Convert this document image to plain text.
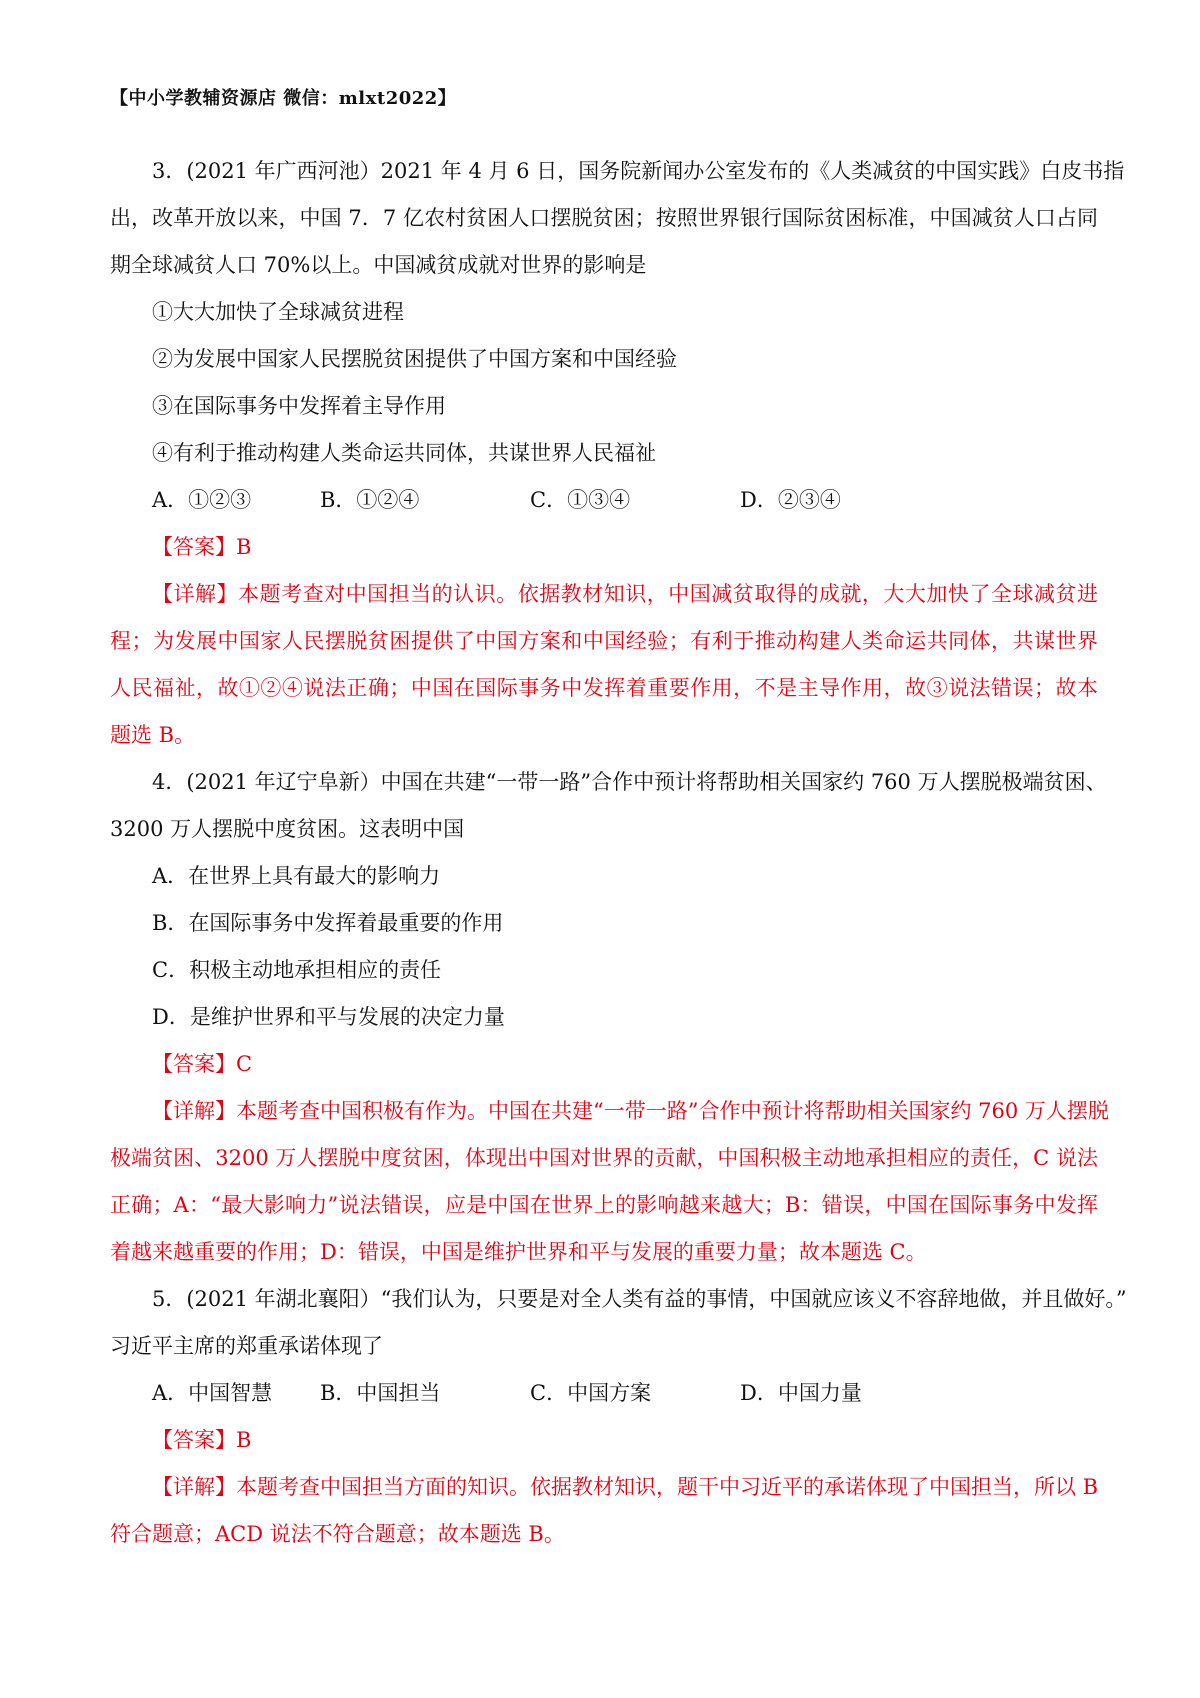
【中小学教辅资源店 微信：mlxt2022】
3．(2021 年广西河池）2021 年 4 月 6 日，国务院新闻办公室发布的《人类减贫的中国实践》白皮书指
出，改革开放以来，中国 7．7 亿农村贫困人口摆脱贫困；按照世界银行国际贫困标准，中国减贫人口占同
期全球减贫人口 70%以上。中国减贫成就对世界的影响是
①大大加快了全球减贫进程
②为发展中国家人民摆脱贫困提供了中国方案和中国经验
③在国际事务中发挥着主导作用
④有利于推动构建人类命运共同体，共谋世界人民福祉
A．①②③	B．①②④	C．①③④	D．②③④
【答案】B
【详解】本题考查对中国担当的认识。依据教材知识，中国减贫取得的成就，大大加快了全球减贫进
程；为发展中国家人民摆脱贫困提供了中国方案和中国经验；有利于推动构建人类命运共同体，共谋世界
人民福祉，故①②④说法正确；中国在国际事务中发挥着重要作用，不是主导作用，故③说法错误；故本
题选 B。
4．(2021 年辽宁阜新）中国在共建“一带一路”合作中预计将帮助相关国家约 760 万人摆脱极端贫困、
3200 万人摆脱中度贫困。这表明中国
A．在世界上具有最大的影响力
B．在国际事务中发挥着最重要的作用
C．积极主动地承担相应的责任
D．是维护世界和平与发展的决定力量
【答案】C
【详解】本题考查中国积极有作为。中国在共建“一带一路”合作中预计将帮助相关国家约 760 万人摆脱
极端贫困、3200 万人摆脱中度贫困，体现出中国对世界的贡献，中国积极主动地承担相应的责任，C 说法
正确；A：“最大影响力”说法错误，应是中国在世界上的影响越来越大；B：错误，中国在国际事务中发挥
着越来越重要的作用；D：错误，中国是维护世界和平与发展的重要力量；故本题选 C。
5．(2021 年湖北襄阳）“我们认为，只要是对全人类有益的事情，中国就应该义不容辞地做，并且做好。”
习近平主席的郑重承诺体现了
A．中国智慧	B．中国担当	C．中国方案	D．中国力量
【答案】B
【详解】本题考查中国担当方面的知识。依据教材知识，题干中习近平的承诺体现了中国担当，所以 B
符合题意；ACD 说法不符合题意；故本题选 B。
